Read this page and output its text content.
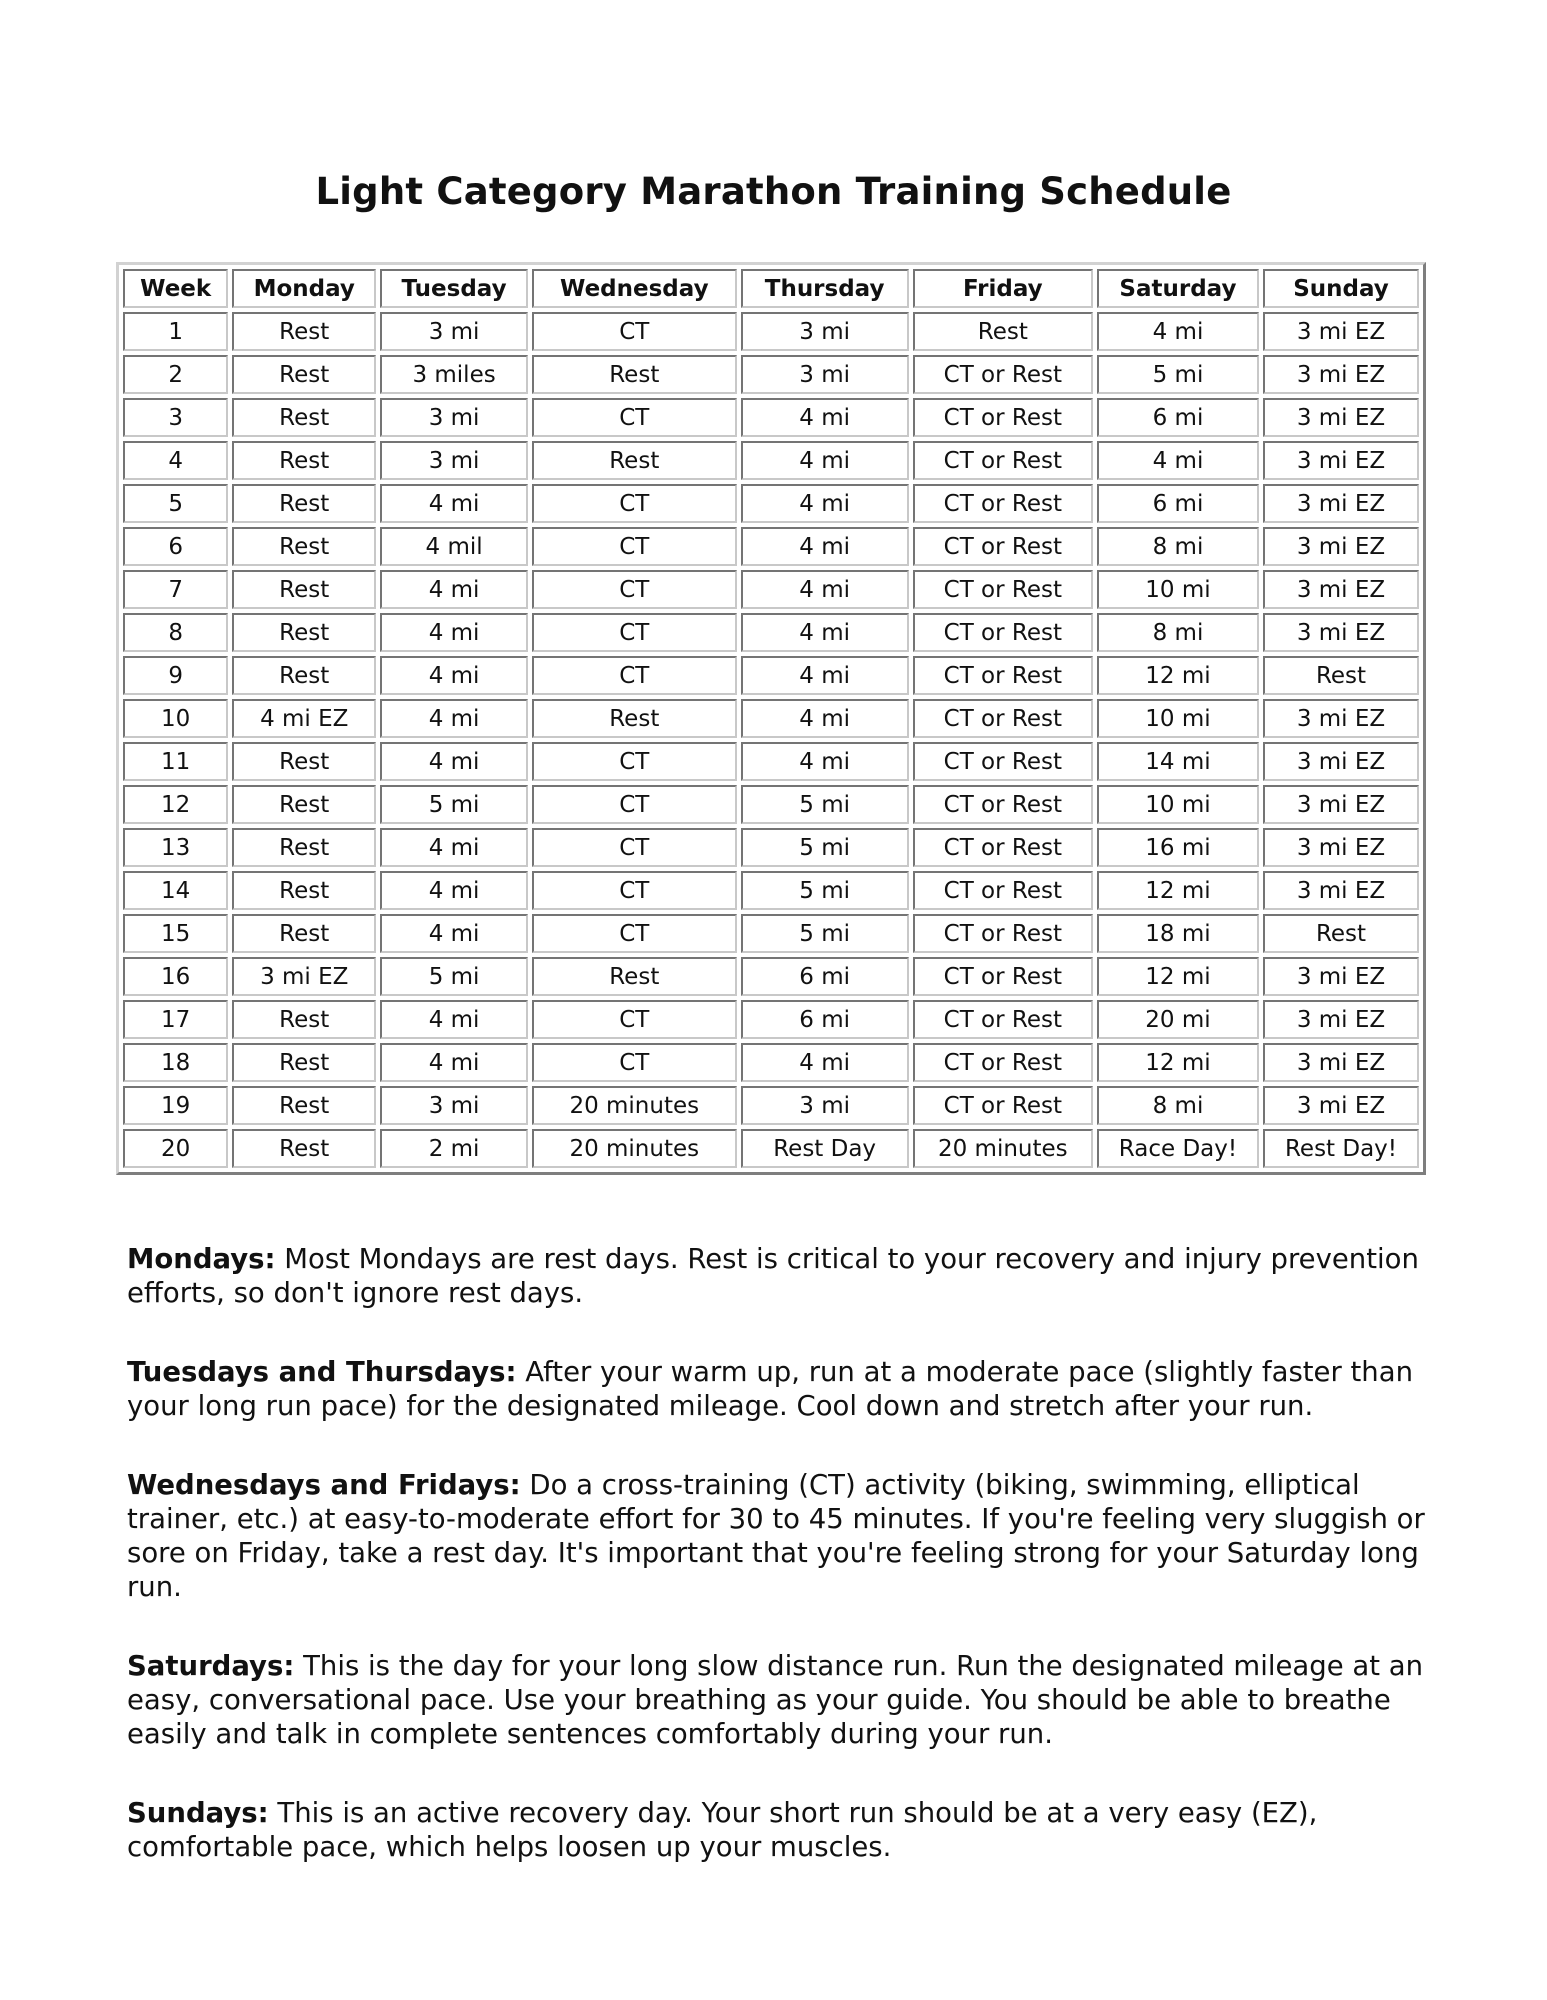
Light Category Marathon Training Schedule
Week	Monday	Tuesday	Wednesday	Thursday	Friday	Saturday	Sunday
1	Rest	3 mi	CT	3 mi	Rest	4 mi	3 mi EZ
2	Rest	3 miles	Rest	3 mi	CT or Rest	5 mi	3 mi EZ
3	Rest	3 mi	CT	4 mi	CT or Rest	6 mi	3 mi EZ
4	Rest	3 mi	Rest	4 mi	CT or Rest	4 mi	3 mi EZ
5	Rest	4 mi	CT	4 mi	CT or Rest	6 mi	3 mi EZ
6	Rest	4 mil	CT	4 mi	CT or Rest	8 mi	3 mi EZ
7	Rest	4 mi	CT	4 mi	CT or Rest	10 mi	3 mi EZ
8	Rest	4 mi	CT	4 mi	CT or Rest	8 mi	3 mi EZ
9	Rest	4 mi	CT	4 mi	CT or Rest	12 mi	Rest
10	4 mi EZ	4 mi	Rest	4 mi	CT or Rest	10 mi	3 mi EZ
11	Rest	4 mi	CT	4 mi	CT or Rest	14 mi	3 mi EZ
12	Rest	5 mi	CT	5 mi	CT or Rest	10 mi	3 mi EZ
13	Rest	4 mi	CT	5 mi	CT or Rest	16 mi	3 mi EZ
14	Rest	4 mi	CT	5 mi	CT or Rest	12 mi	3 mi EZ
15	Rest	4 mi	CT	5 mi	CT or Rest	18 mi	Rest
16	3 mi EZ	5 mi	Rest	6 mi	CT or Rest	12 mi	3 mi EZ
17	Rest	4 mi	CT	6 mi	CT or Rest	20 mi	3 mi EZ
18	Rest	4 mi	CT	4 mi	CT or Rest	12 mi	3 mi EZ
19	Rest	3 mi	20 minutes	3 mi	CT or Rest	8 mi	3 mi EZ
20	Rest	2 mi	20 minutes	Rest Day	20 minutes	Race Day!	Rest Day!

Mondays: Most Mondays are rest days. Rest is critical to your recovery and injury prevention efforts, so don't ignore rest days.

Tuesdays and Thursdays: After your warm up, run at a moderate pace (slightly faster than your long run pace) for the designated mileage. Cool down and stretch after your run.

Wednesdays and Fridays: Do a cross-training (CT) activity (biking, swimming, elliptical trainer, etc.) at easy-to-moderate effort for 30 to 45 minutes. If you're feeling very sluggish or sore on Friday, take a rest day. It's important that you're feeling strong for your Saturday long run.

Saturdays: This is the day for your long slow distance run. Run the designated mileage at an easy, conversational pace. Use your breathing as your guide. You should be able to breathe easily and talk in complete sentences comfortably during your run.

Sundays: This is an active recovery day. Your short run should be at a very easy (EZ), comfortable pace, which helps loosen up your muscles.
